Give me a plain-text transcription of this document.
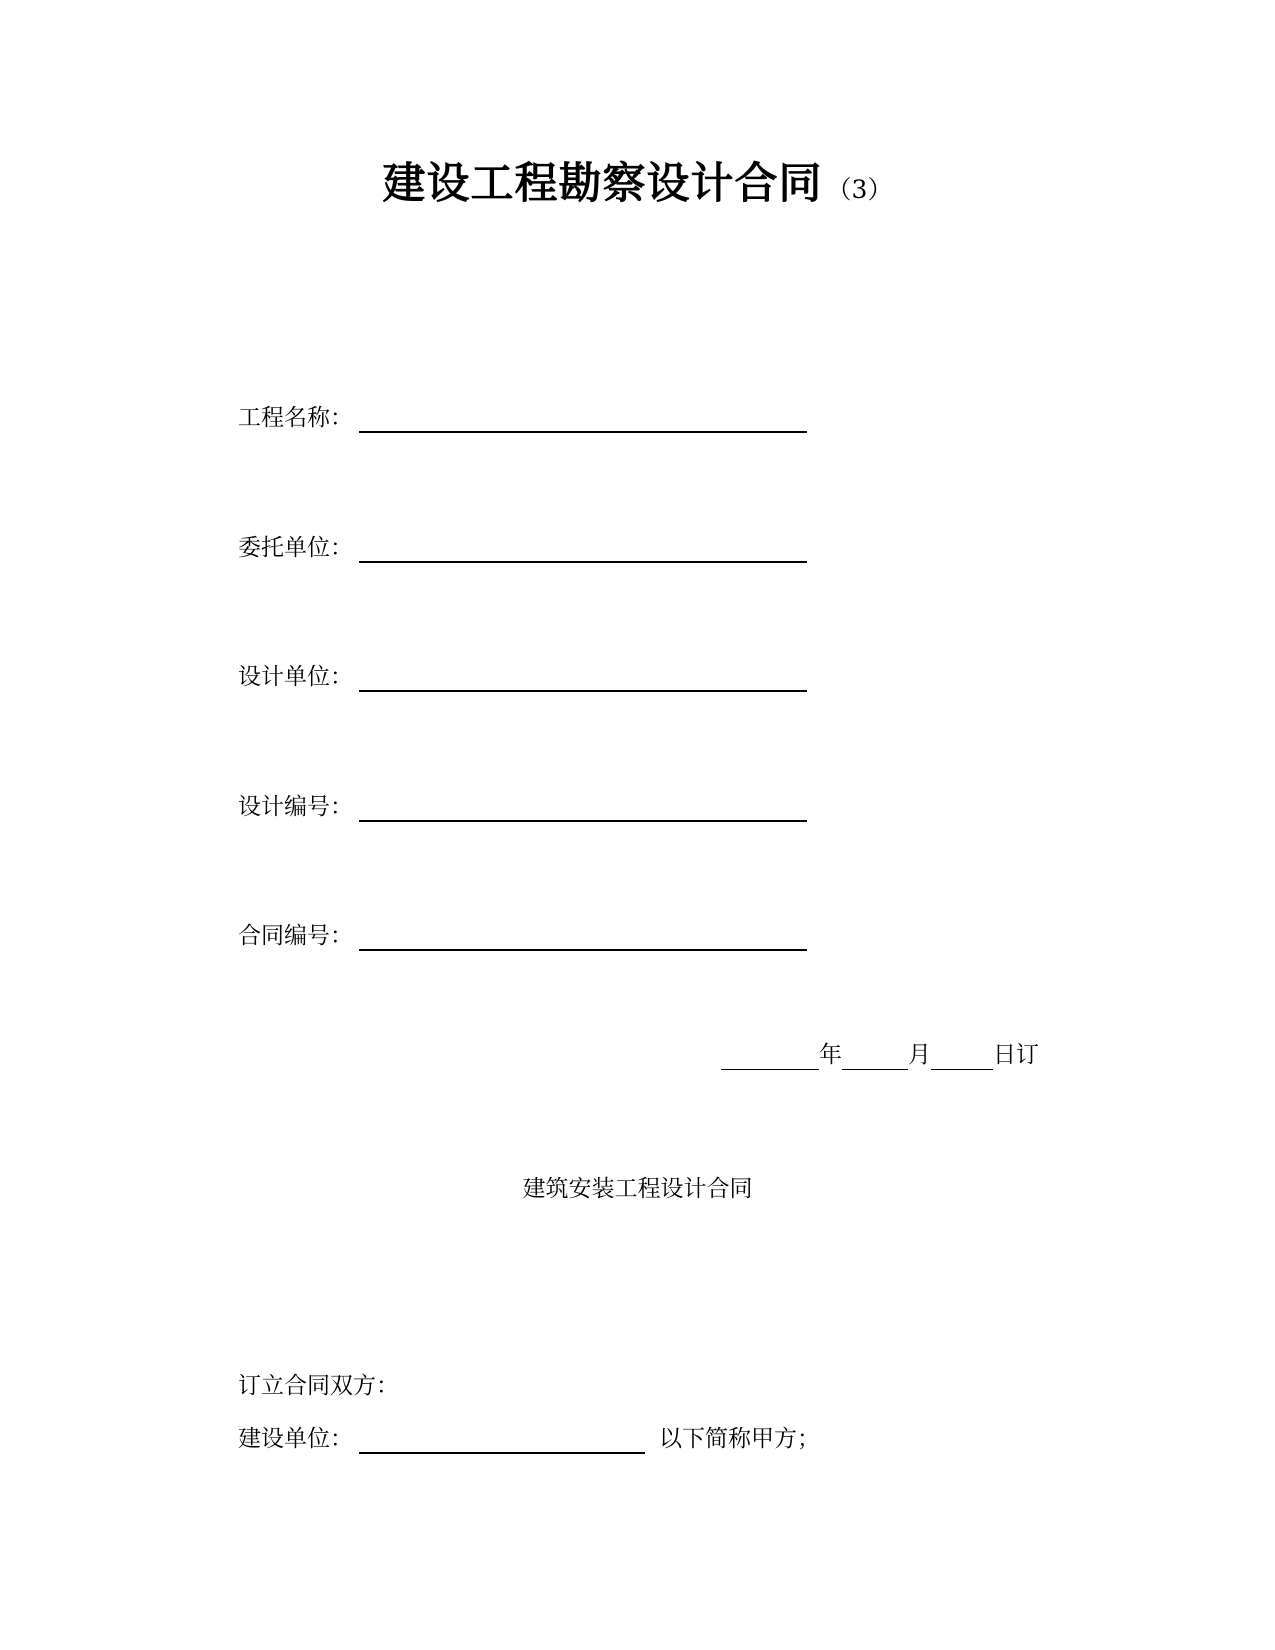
建设工程勘察设计合同 （3）
工程名称：
委托单位：
设计单位：
设计编号：
合同编号：
年	月	日订
建筑安装工程设计合同
订立合同双方：
建设单位：	以下简称甲方；
